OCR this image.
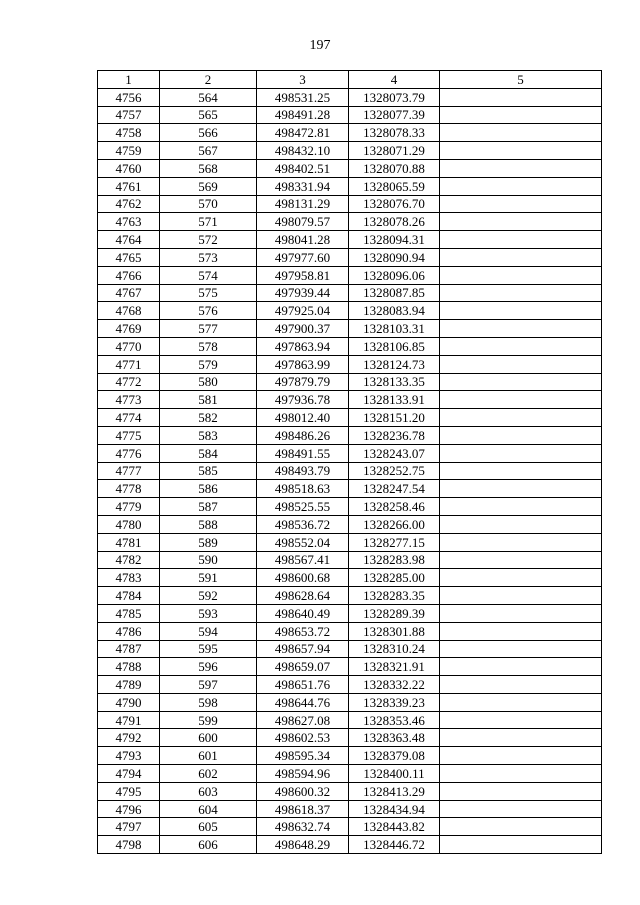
197
1	2	3	4	5
4756	564	498531.25	1328073.79	
4757	565	498491.28	1328077.39	
4758	566	498472.81	1328078.33	
4759	567	498432.10	1328071.29	
4760	568	498402.51	1328070.88	
4761	569	498331.94	1328065.59	
4762	570	498131.29	1328076.70	
4763	571	498079.57	1328078.26	
4764	572	498041.28	1328094.31	
4765	573	497977.60	1328090.94	
4766	574	497958.81	1328096.06	
4767	575	497939.44	1328087.85	
4768	576	497925.04	1328083.94	
4769	577	497900.37	1328103.31	
4770	578	497863.94	1328106.85	
4771	579	497863.99	1328124.73	
4772	580	497879.79	1328133.35	
4773	581	497936.78	1328133.91	
4774	582	498012.40	1328151.20	
4775	583	498486.26	1328236.78	
4776	584	498491.55	1328243.07	
4777	585	498493.79	1328252.75	
4778	586	498518.63	1328247.54	
4779	587	498525.55	1328258.46	
4780	588	498536.72	1328266.00	
4781	589	498552.04	1328277.15	
4782	590	498567.41	1328283.98	
4783	591	498600.68	1328285.00	
4784	592	498628.64	1328283.35	
4785	593	498640.49	1328289.39	
4786	594	498653.72	1328301.88	
4787	595	498657.94	1328310.24	
4788	596	498659.07	1328321.91	
4789	597	498651.76	1328332.22	
4790	598	498644.76	1328339.23	
4791	599	498627.08	1328353.46	
4792	600	498602.53	1328363.48	
4793	601	498595.34	1328379.08	
4794	602	498594.96	1328400.11	
4795	603	498600.32	1328413.29	
4796	604	498618.37	1328434.94	
4797	605	498632.74	1328443.82	
4798	606	498648.29	1328446.72	
